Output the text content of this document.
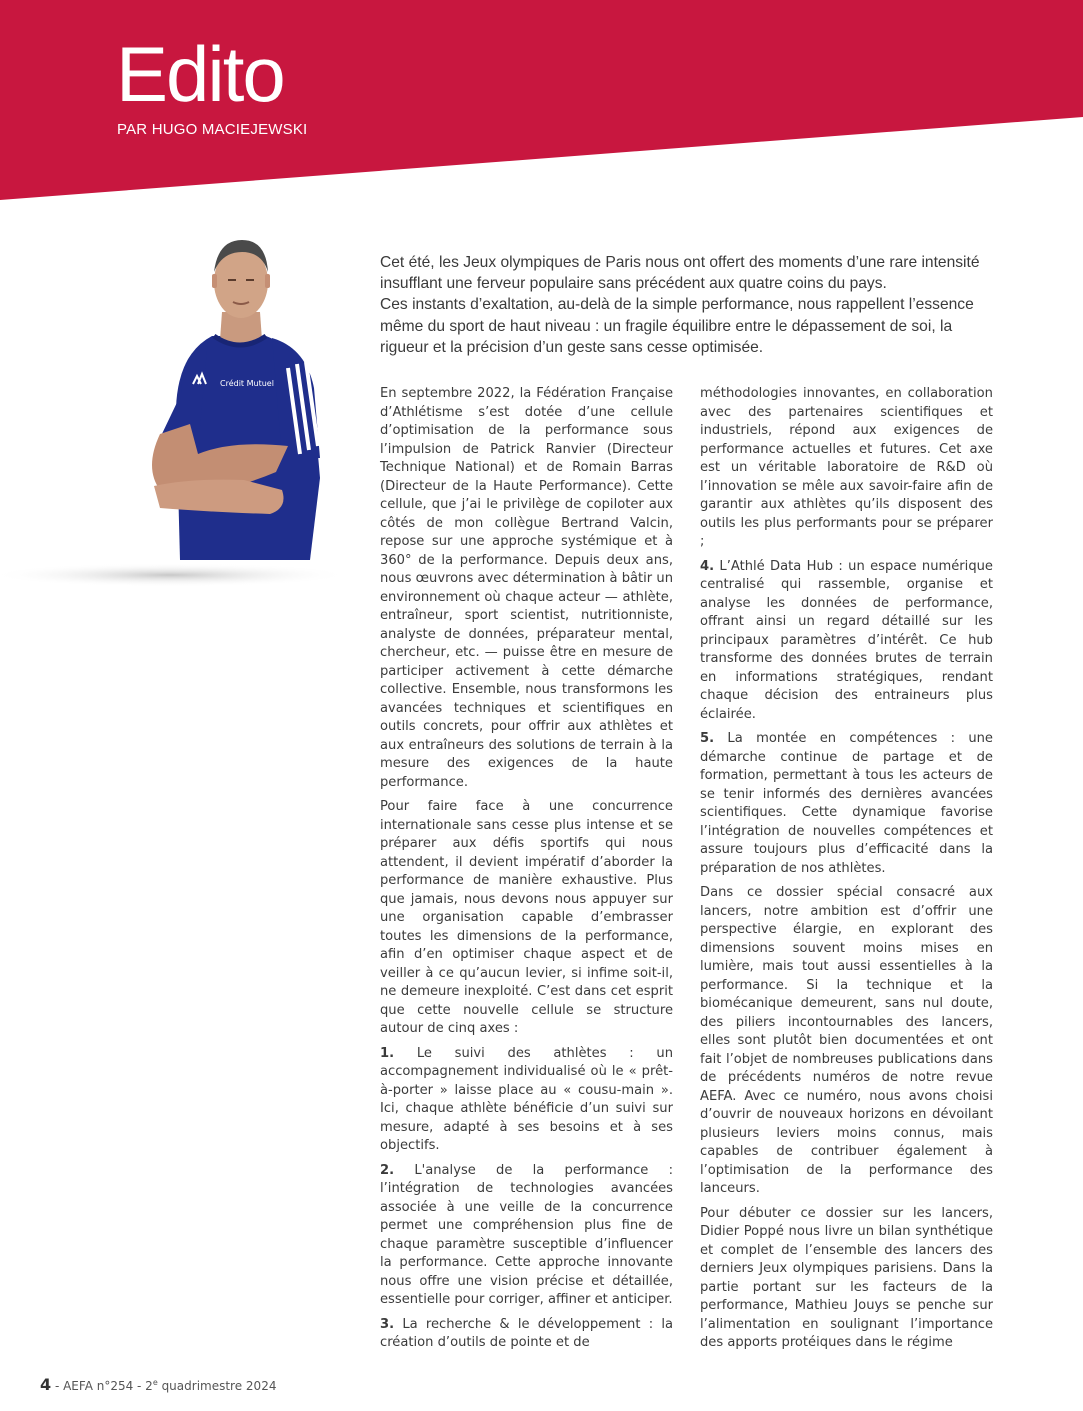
Edito
PAR HUGO MACIEJEWSKI
Crédit Mutuel

Cet été, les Jeux olympiques de Paris nous ont offert des moments d’une rare intensité insufflant une ferveur populaire sans précédent aux quatre coins du pays.

Ces instants d’exaltation, au-delà de la simple performance, nous rappellent l’essence même du sport de haut niveau : un fragile équilibre entre le dépassement de soi, la rigueur et la précision d’un geste sans cesse optimisée.

En septembre 2022, la Fédération Française d’Athlétisme s’est dotée d’une cellule d’optimisation de la performance sous l’impulsion de Patrick Ranvier (Directeur Technique National) et de Romain Barras (Directeur de la Haute Performance). Cette cellule, que j’ai le privilège de copiloter aux côtés de mon collègue Bertrand Valcin, repose sur une approche systémique et à 360° de la performance. Depuis deux ans, nous œuvrons avec détermination à bâtir un environnement où chaque acteur — athlète, entraîneur, sport scientist, nutritionniste, analyste de données, préparateur mental, chercheur, etc. — puisse être en mesure de participer activement à cette démarche collective. Ensemble, nous transformons les avancées techniques et scientifiques en outils concrets, pour offrir aux athlètes et aux entraîneurs des solutions de terrain à la mesure des exigences de la haute performance.

Pour faire face à une concurrence internationale sans cesse plus intense et se préparer aux défis sportifs qui nous attendent, il devient impératif d’aborder la performance de manière exhaustive. Plus que jamais, nous devons nous appuyer sur une organisation capable d’embrasser toutes les dimensions de la performance, afin d’en optimiser chaque aspect et de veiller à ce qu’aucun levier, si infime soit-il, ne demeure inexploité. C’est dans cet esprit que cette nouvelle cellule se structure autour de cinq axes :

1. Le suivi des athlètes : un accompagnement individualisé où le « prêt-à-porter » laisse place au « cousu-main ». Ici, chaque athlète bénéficie d’un suivi sur mesure, adapté à ses besoins et à ses objectifs.

2. L'analyse de la performance : l’intégration de technologies avancées associée à une veille de la concurrence permet une compréhension plus fine de chaque paramètre susceptible d’influencer la performance. Cette approche innovante nous offre une vision précise et détaillée, essentielle pour corriger, affiner et anticiper.

3. La recherche & le développement : la création d’outils de pointe et de

méthodologies innovantes, en collaboration avec des partenaires scientifiques et industriels, répond aux exigences de performance actuelles et futures. Cet axe est un véritable laboratoire de R&D où l’innovation se mêle aux savoir-faire afin de garantir aux athlètes qu’ils disposent des outils les plus performants pour se préparer ;

4. L’Athlé Data Hub : un espace numérique centralisé qui rassemble, organise et analyse les données de performance, offrant ainsi un regard détaillé sur les principaux paramètres d’intérêt. Ce hub transforme des données brutes de terrain en informations stratégiques, rendant chaque décision des entraineurs plus éclairée.

5. La montée en compétences : une démarche continue de partage et de formation, permettant à tous les acteurs de se tenir informés des dernières avancées scientifiques. Cette dynamique favorise l’intégration de nouvelles compétences et assure toujours plus d’efficacité dans la préparation de nos athlètes.

Dans ce dossier spécial consacré aux lancers, notre ambition est d’offrir une perspective élargie, en explorant des dimensions souvent moins mises en lumière, mais tout aussi essentielles à la performance. Si la technique et la biomécanique demeurent, sans nul doute, des piliers incontournables des lancers, elles sont plutôt bien documentées et ont fait l’objet de nombreuses publications dans de précédents numéros de notre revue AEFA. Avec ce numéro, nous avons choisi d’ouvrir de nouveaux horizons en dévoilant plusieurs leviers moins connus, mais capables de contribuer également à l’optimisation de la performance des lanceurs.

Pour débuter ce dossier sur les lancers, Didier Poppé nous livre un bilan synthétique et complet de l’ensemble des lancers des derniers Jeux olympiques parisiens. Dans la partie portant sur les facteurs de la performance, Mathieu Jouys se penche sur l’alimentation en soulignant l’importance des apports protéiques dans le régime

4 - AEFA n°254 - 2e quadrimestre 2024
